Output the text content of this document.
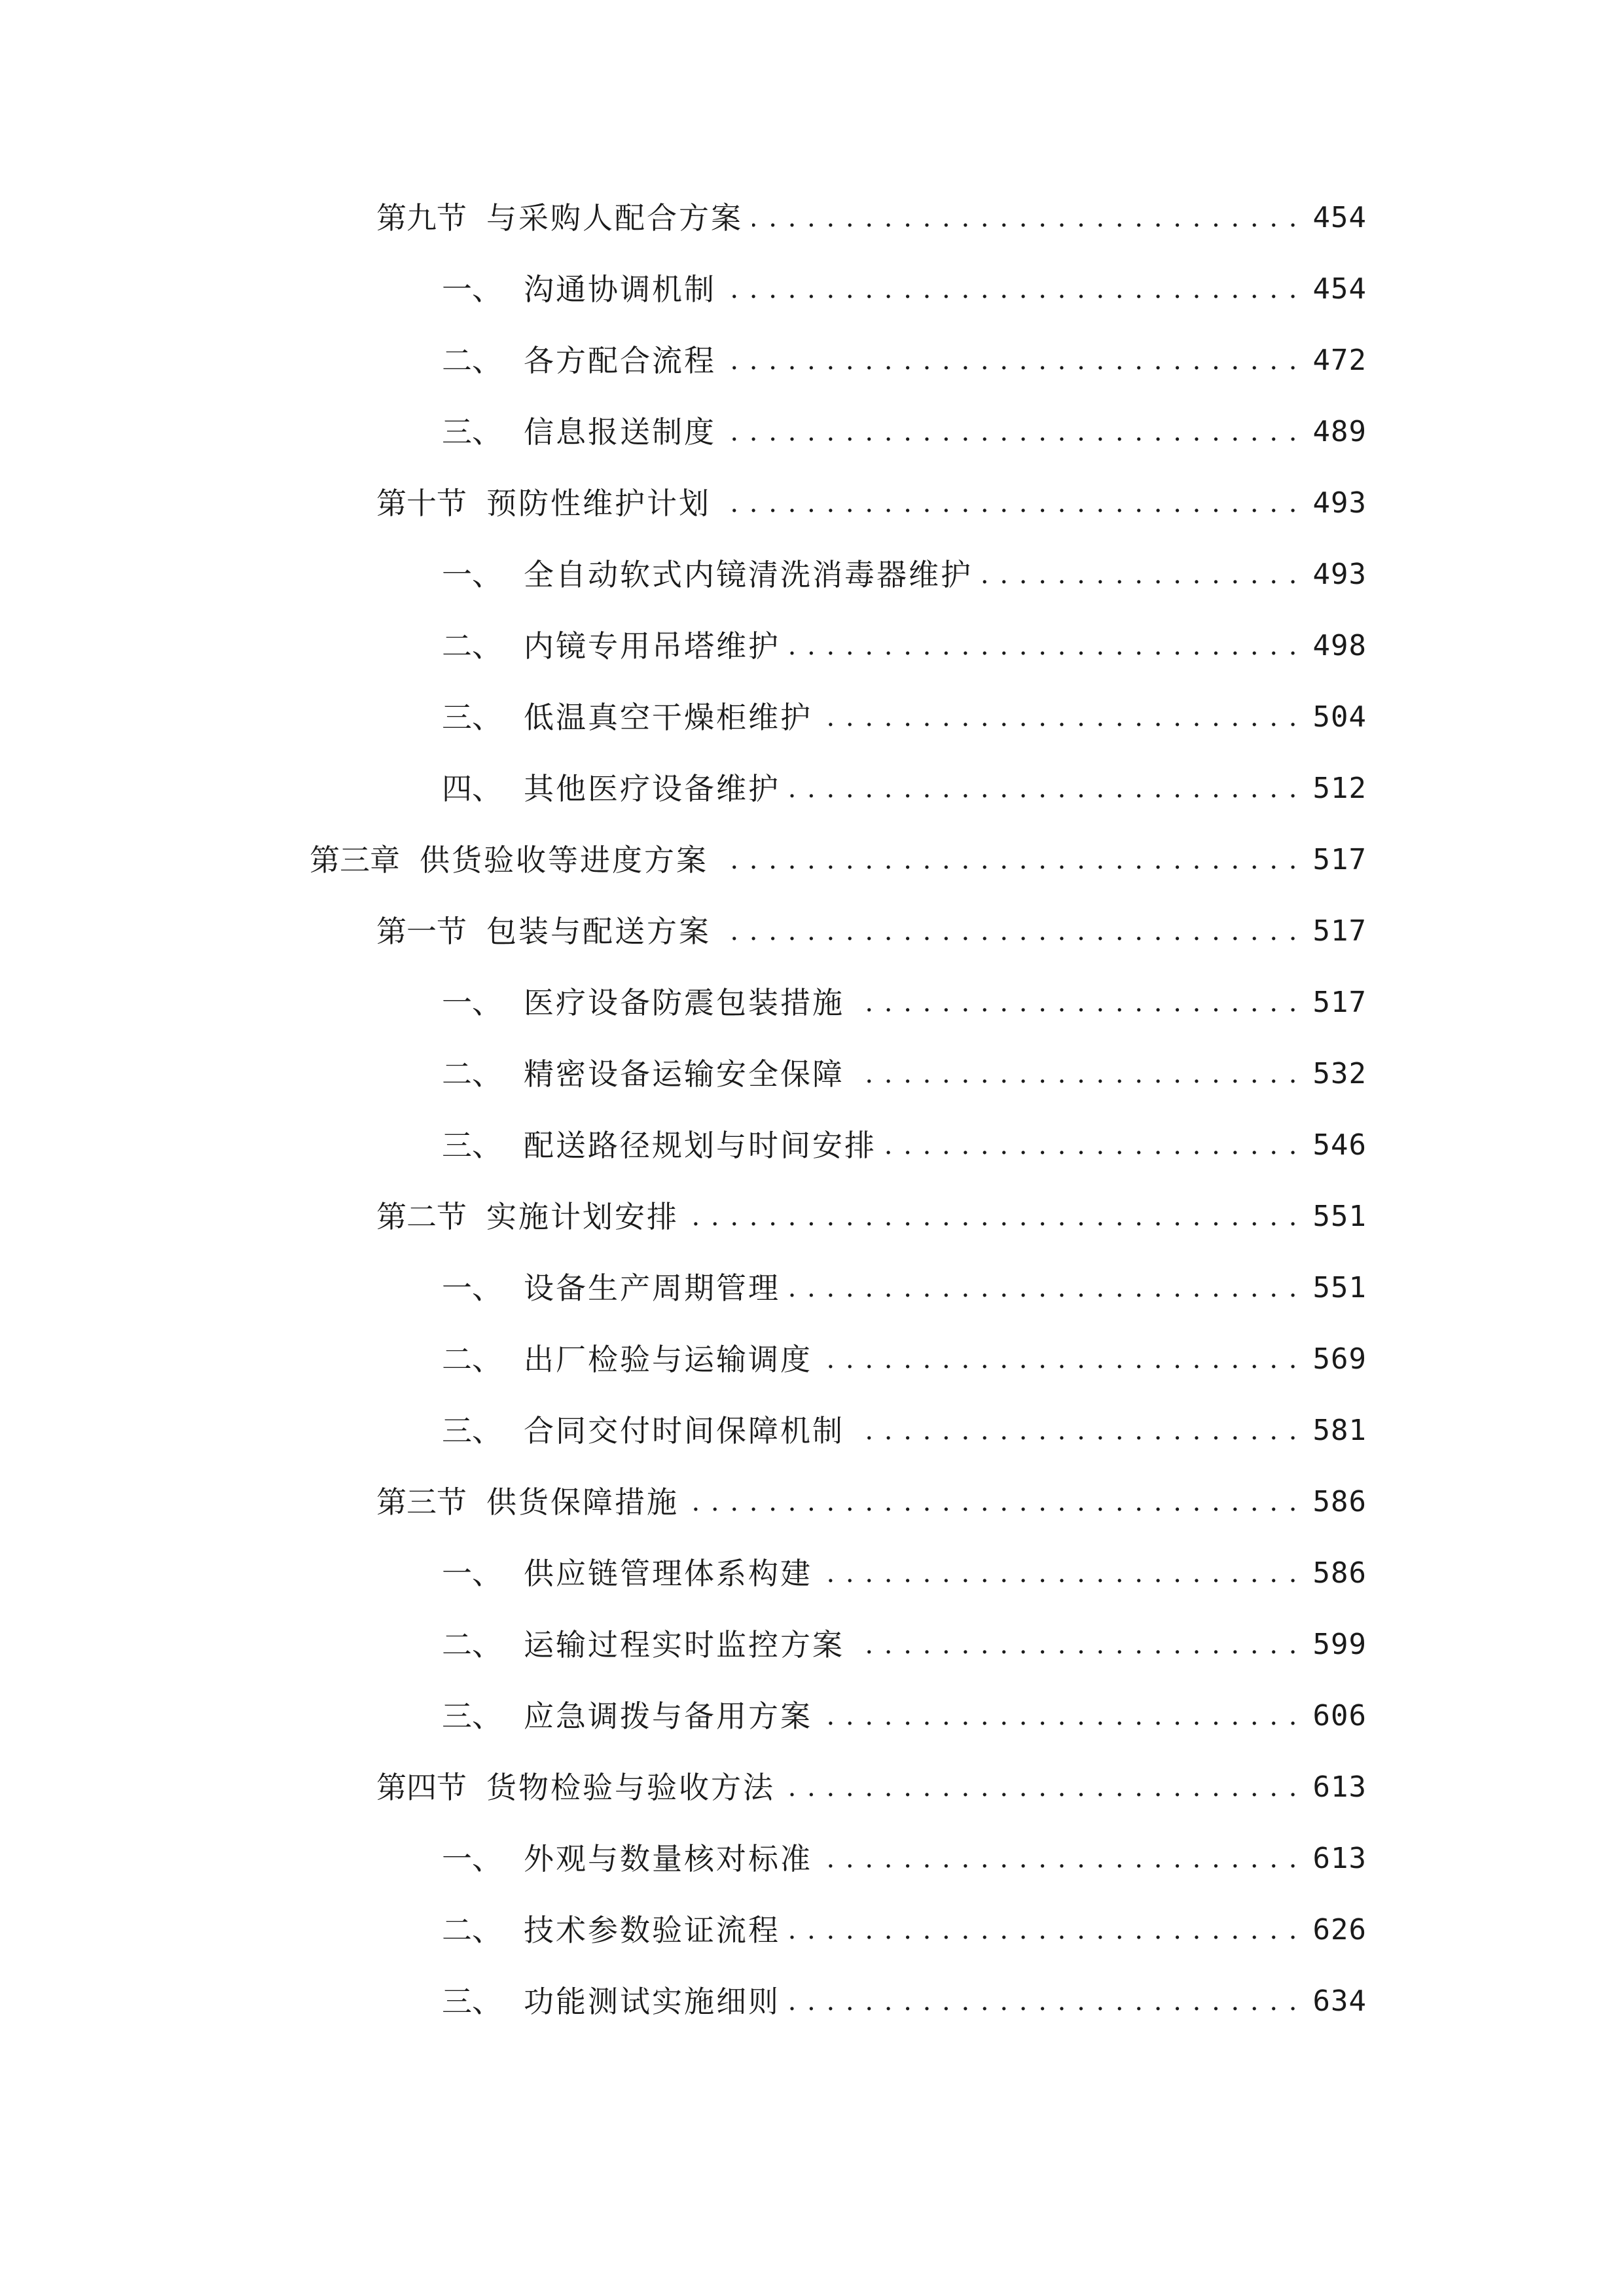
第九节 与采购人配合方案 . . .	454
一、 沟通协调机制 . . .	454
二、 各方配合流程 . . .	472
三、 信息报送制度 . . .	489
第十节 预防性维护计划 . . .	493
一、 全自动软式内镜清洗消毒器维护 . . .	493
二、 内镜专用吊塔维护 . . .	498
三、 低温真空干燥柜维护 . . .	504
四、 其他医疗设备维护 . . .	512
第三章 供货验收等进度方案 . . .	517
第一节 包装与配送方案 . . .	517
一、 医疗设备防震包装措施 . . .	517
二、 精密设备运输安全保障 . . .	532
三、 配送路径规划与时间安排 . . .	546
第二节 实施计划安排 . . .	551
一、 设备生产周期管理 . . .	551
二、 出厂检验与运输调度 . . .	569
三、 合同交付时间保障机制 . . .	581
第三节 供货保障措施 . . .	586
一、 供应链管理体系构建 . . .	586
二、 运输过程实时监控方案 . . .	599
三、 应急调拨与备用方案 . . .	606
第四节 货物检验与验收方法 . . .	613
一、 外观与数量核对标准 . . .	613
二、 技术参数验证流程 . . .	626
三、 功能测试实施细则 . . .	634
